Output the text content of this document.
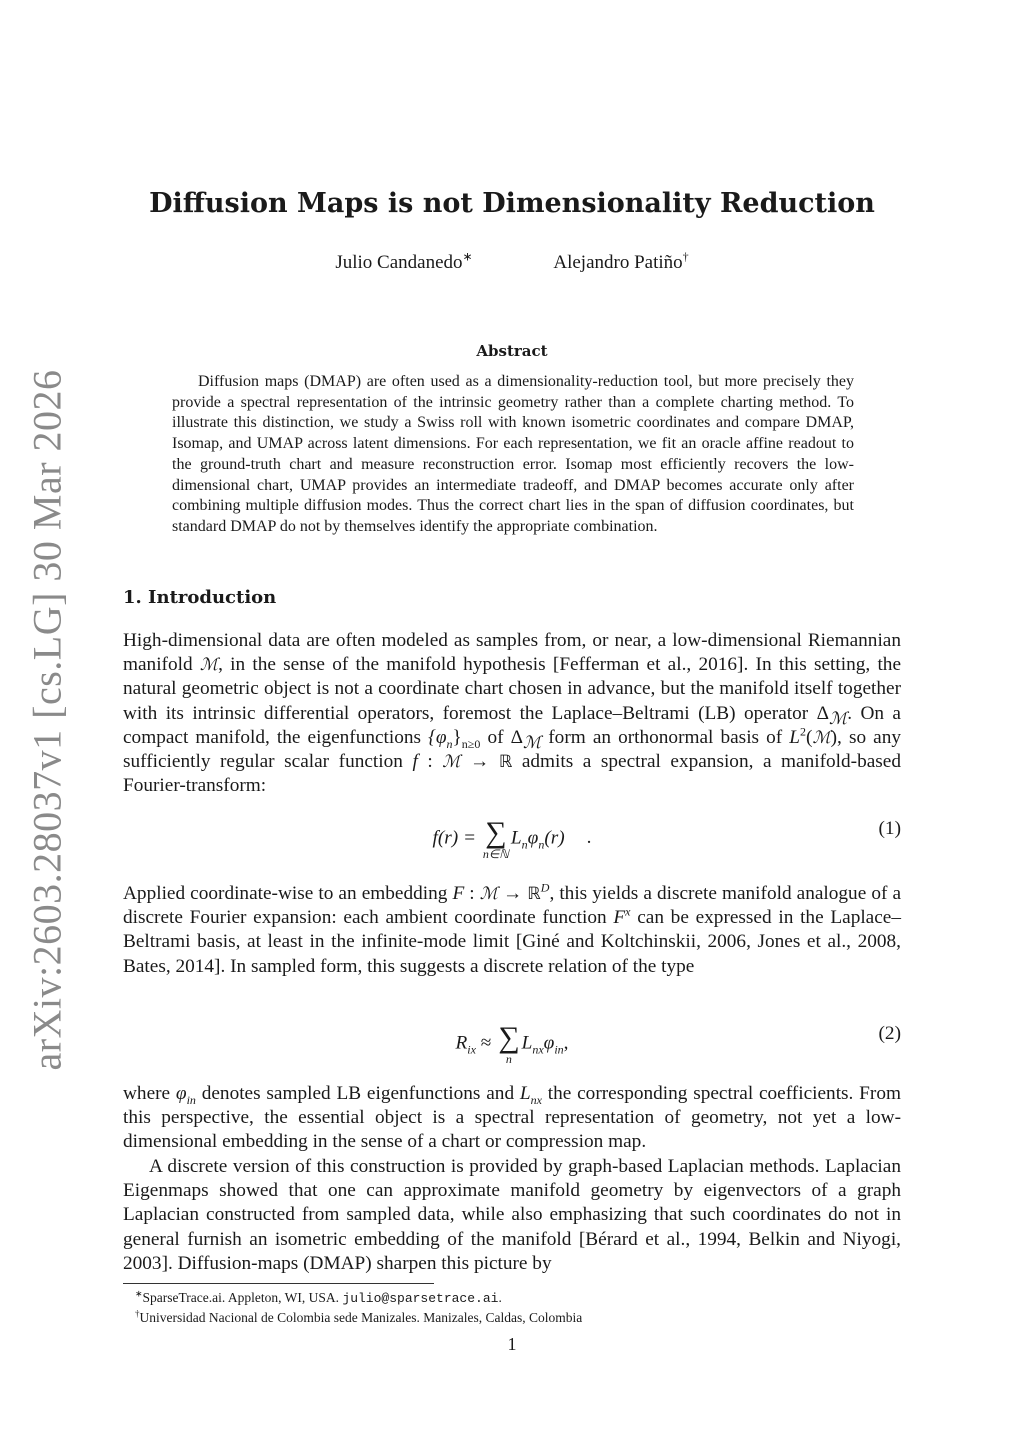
arXiv:2603.28037v1 [cs.LG] 30 Mar 2026
Diffusion Maps is not Dimensionality Reduction
Julio Candanedo∗	Alejandro Patiño†
Abstract
Diffusion maps (DMAP) are often used as a dimensionality-reduction tool, but more precisely they provide a spectral representation of the intrinsic geometry rather than a complete charting method. To illustrate this distinction, we study a Swiss roll with known isometric coordinates and compare DMAP, Isomap, and UMAP across latent dimensions. For each representation, we fit an oracle affine readout to the ground-truth chart and measure reconstruction error. Isomap most efficiently recovers the low-dimensional chart, UMAP provides an intermediate tradeoff, and DMAP becomes accurate only after combining multiple diffusion modes. Thus the correct chart lies in the span of diffusion coordinates, but standard DMAP do not by themselves identify the appropriate combination.
1. Introduction
High-dimensional data are often modeled as samples from, or near, a low-dimensional Riemannian manifold ℳ, in the sense of the manifold hypothesis [Fefferman et al., 2016]. In this setting, the natural geometric object is not a coordinate chart chosen in advance, but the manifold itself together with its intrinsic differential operators, foremost the Laplace–Beltrami (LB) operator $\Delta_ℳ$. On a compact manifold, the eigenfunctions $\{\varphi_n\}_{n\ge 0}$ of $\Delta_ℳ$ form an orthonormal basis of $L^2(ℳ)$, so any sufficiently regular scalar function f : ℳ → ℝ admits a spectral expansion, a manifold-based Fourier-transform:
f(r) = ∑
n∈ℕ
$L_n\varphi_n(r)$ .	(1)
Applied coordinate-wise to an embedding F : ℳ → ℝ$^D$, this yields a discrete manifold analogue of a discrete Fourier expansion: each ambient coordinate function $F^x$ can be expressed in the Laplace–Beltrami basis, at least in the infinite-mode limit [Giné and Koltchinskii, 2006, Jones et al., 2008, Bates, 2014]. In sampled form, this suggests a discrete relation of the type
$R_{ix}$ ≈ ∑
n
$L_{nx}\varphi_{in}$,	(2)
where $\varphi_{in}$ denotes sampled LB eigenfunctions and $L_{nx}$ the corresponding spectral coefficients. From this perspective, the essential object is a spectral representation of geometry, not yet a low-dimensional embedding in the sense of a chart or compression map.
A discrete version of this construction is provided by graph-based Laplacian methods. Laplacian Eigenmaps showed that one can approximate manifold geometry by eigenvectors of a graph Laplacian constructed from sampled data, while also emphasizing that such coordinates do not in general furnish an isometric embedding of the manifold [Bérard et al., 1994, Belkin and Niyogi, 2003]. Diffusion-maps (DMAP) sharpen this picture by
∗SparseTrace.ai. Appleton, WI, USA. julio@sparsetrace.ai.
†Universidad Nacional de Colombia sede Manizales. Manizales, Caldas, Colombia
1
